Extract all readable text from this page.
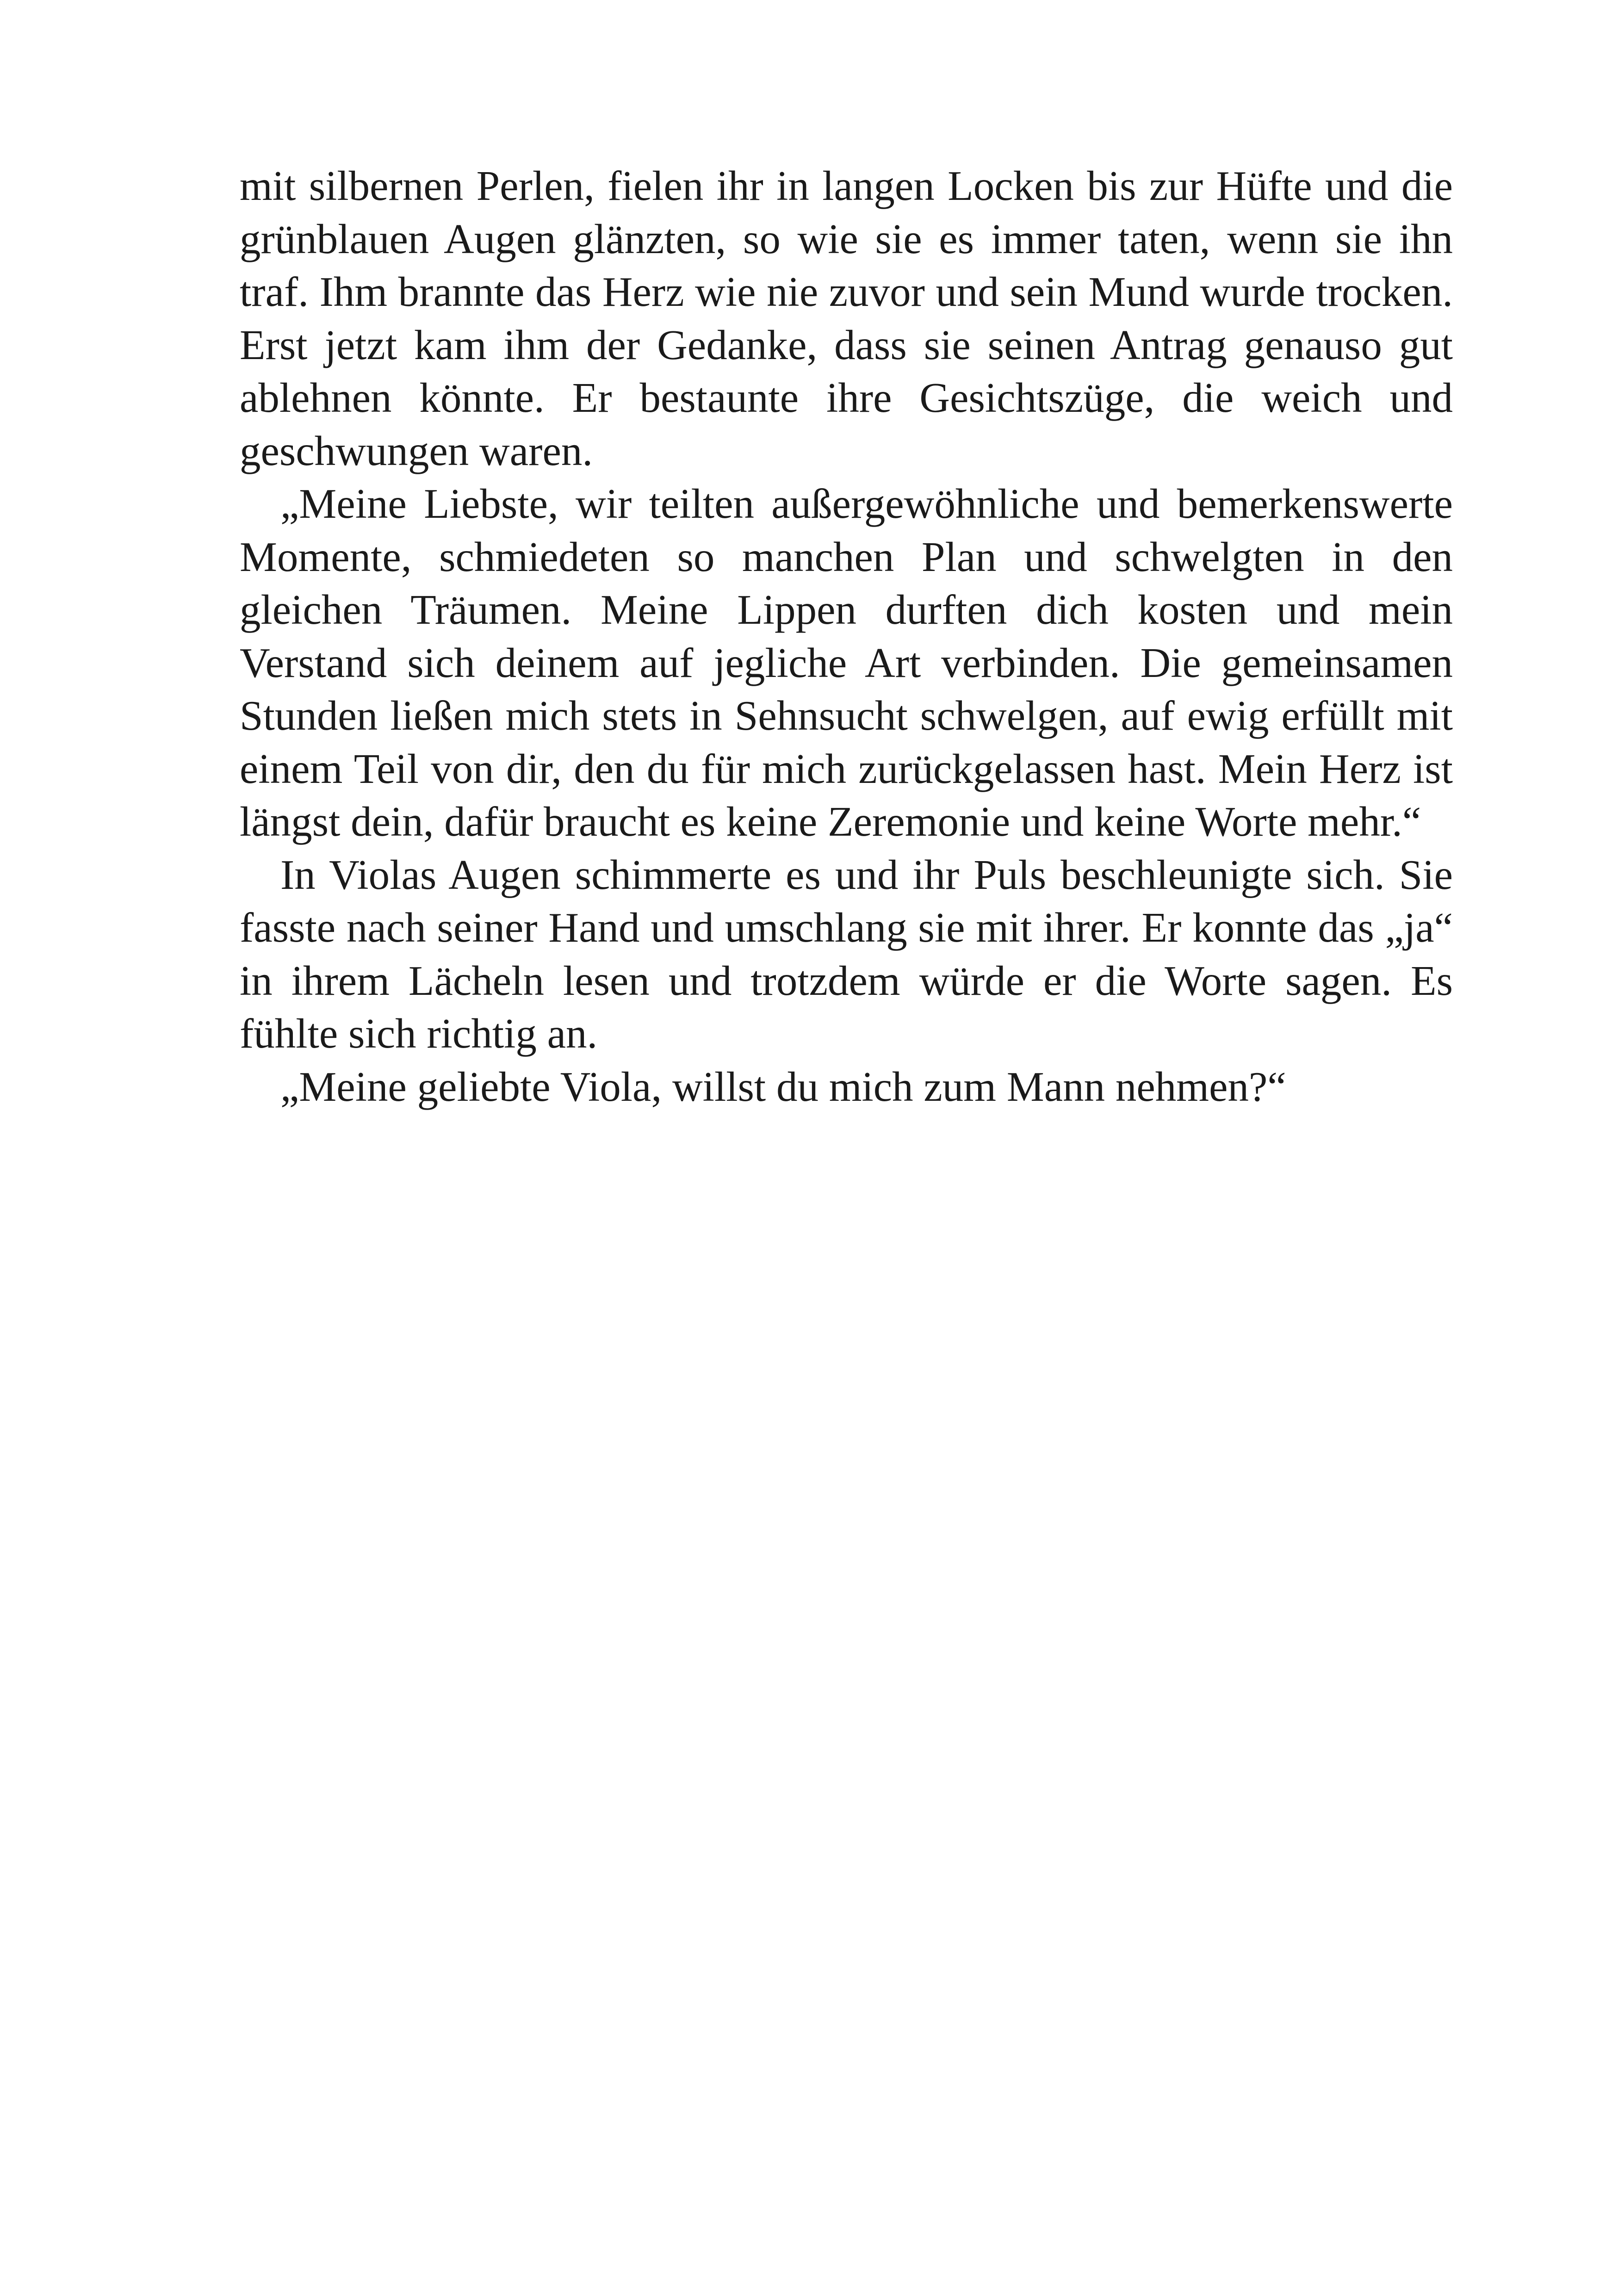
mit silbernen Perlen, fielen ihr in langen Locken bis zur Hüfte und die grünblauen Augen glänzten, so wie sie es immer taten, wenn sie ihn traf. Ihm brannte das Herz wie nie zuvor und sein Mund wurde trocken. Erst jetzt kam ihm der Gedanke, dass sie seinen Antrag genauso gut ablehnen könnte. Er bestaunte ihre Gesichtszüge, die weich und geschwungen waren.

„Meine Liebste, wir teilten außergewöhnliche und bemerkenswerte Momente, schmiedeten so manchen Plan und schwelgten in den gleichen Träumen. Meine Lippen durften dich kosten und mein Verstand sich deinem auf jegliche Art verbinden. Die gemeinsamen Stunden ließen mich stets in Sehnsucht schwelgen, auf ewig erfüllt mit einem Teil von dir, den du für mich zurückgelassen hast. Mein Herz ist längst dein, dafür braucht es keine Zeremonie und keine Worte mehr.“

In Violas Augen schimmerte es und ihr Puls beschleunigte sich. Sie fasste nach seiner Hand und umschlang sie mit ihrer. Er konnte das „ja“ in ihrem Lächeln lesen und trotzdem würde er die Worte sagen. Es fühlte sich richtig an.

„Meine geliebte Viola, willst du mich zum Mann nehmen?“
